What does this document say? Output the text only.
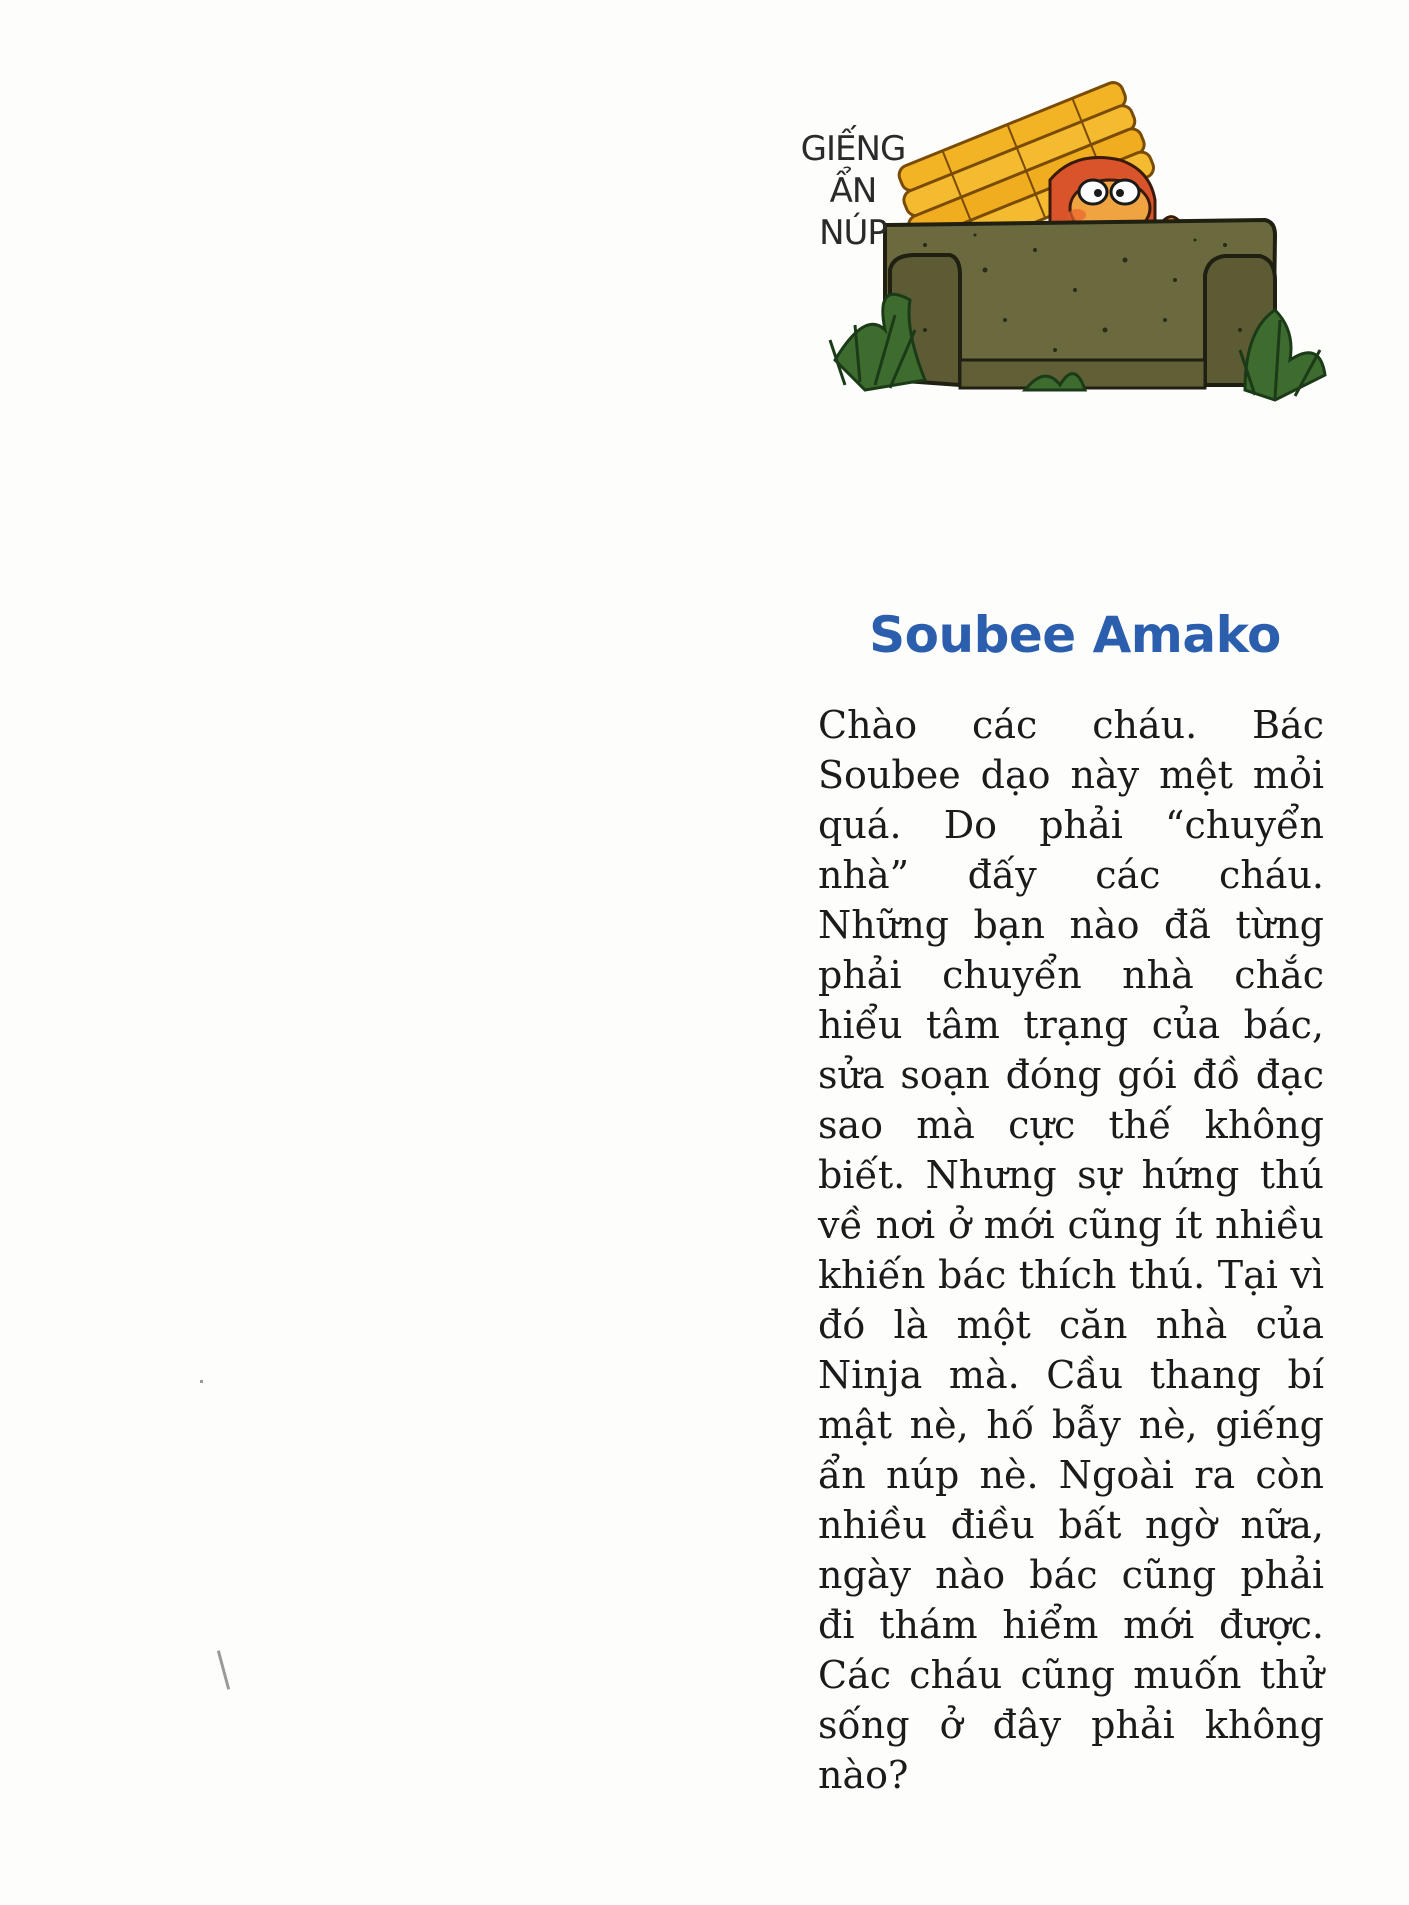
GIẾNG
ẨN
NÚP
Soubee Amako
Chào các cháu. Bác Soubee dạo này mệt mỏi quá. Do phải “chuyển nhà” đấy các cháu. Những bạn nào đã từng phải chuyển nhà chắc hiểu tâm trạng của bác, sửa soạn đóng gói đồ đạc sao mà cực thế không biết. Nhưng sự hứng thú về nơi ở mới cũng ít nhiều khiến bác thích thú. Tại vì đó là một căn nhà của Ninja mà. Cầu thang bí mật nè, hố bẫy nè, giếng ẩn núp nè. Ngoài ra còn nhiều điều bất ngờ nữa, ngày nào bác cũng phải đi thám hiểm mới được. Các cháu cũng muốn thử sống ở đây phải không nào?
